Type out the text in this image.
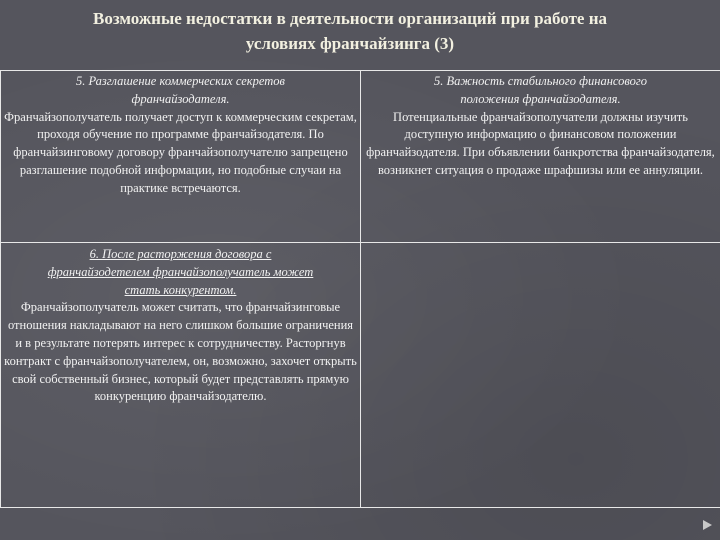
Возможные недостатки в деятельности организаций при работе на
условиях франчайзинга (3)
5. Разглашение коммерческих секретов
франчайзодателя.
Франчайзополучатель получает доступ к коммерческим секретам, проходя обучение по программе франчайзодателя. По франчайзинговому договору франчайзополучателю запрещено разглашение подобной информации, но подобные случаи на практике встречаются.
5. Важность стабильного финансового
положения франчайзодателя.
Потенциальные франчайзополучатели должны изучить доступную информацию о финансовом положении франчайзодателя. При объявлении банкротства франчайзодателя, возникнет ситуация о продаже шрафшизы или ее аннуляции.
6. После расторжения договора с
франчайзодетелем франчайзополучатель может
стать конкурентом.
Франчайзополучатель может считать, что франчайзинговые отношения накладывают на него слишком большие ограничения и в результате потерять интерес к сотрудничеству. Расторгнув контракт с франчайзополучателем, он, возможно, захочет открыть свой собственный бизнес, который будет представлять прямую конкуренцию франчайзодателю.
